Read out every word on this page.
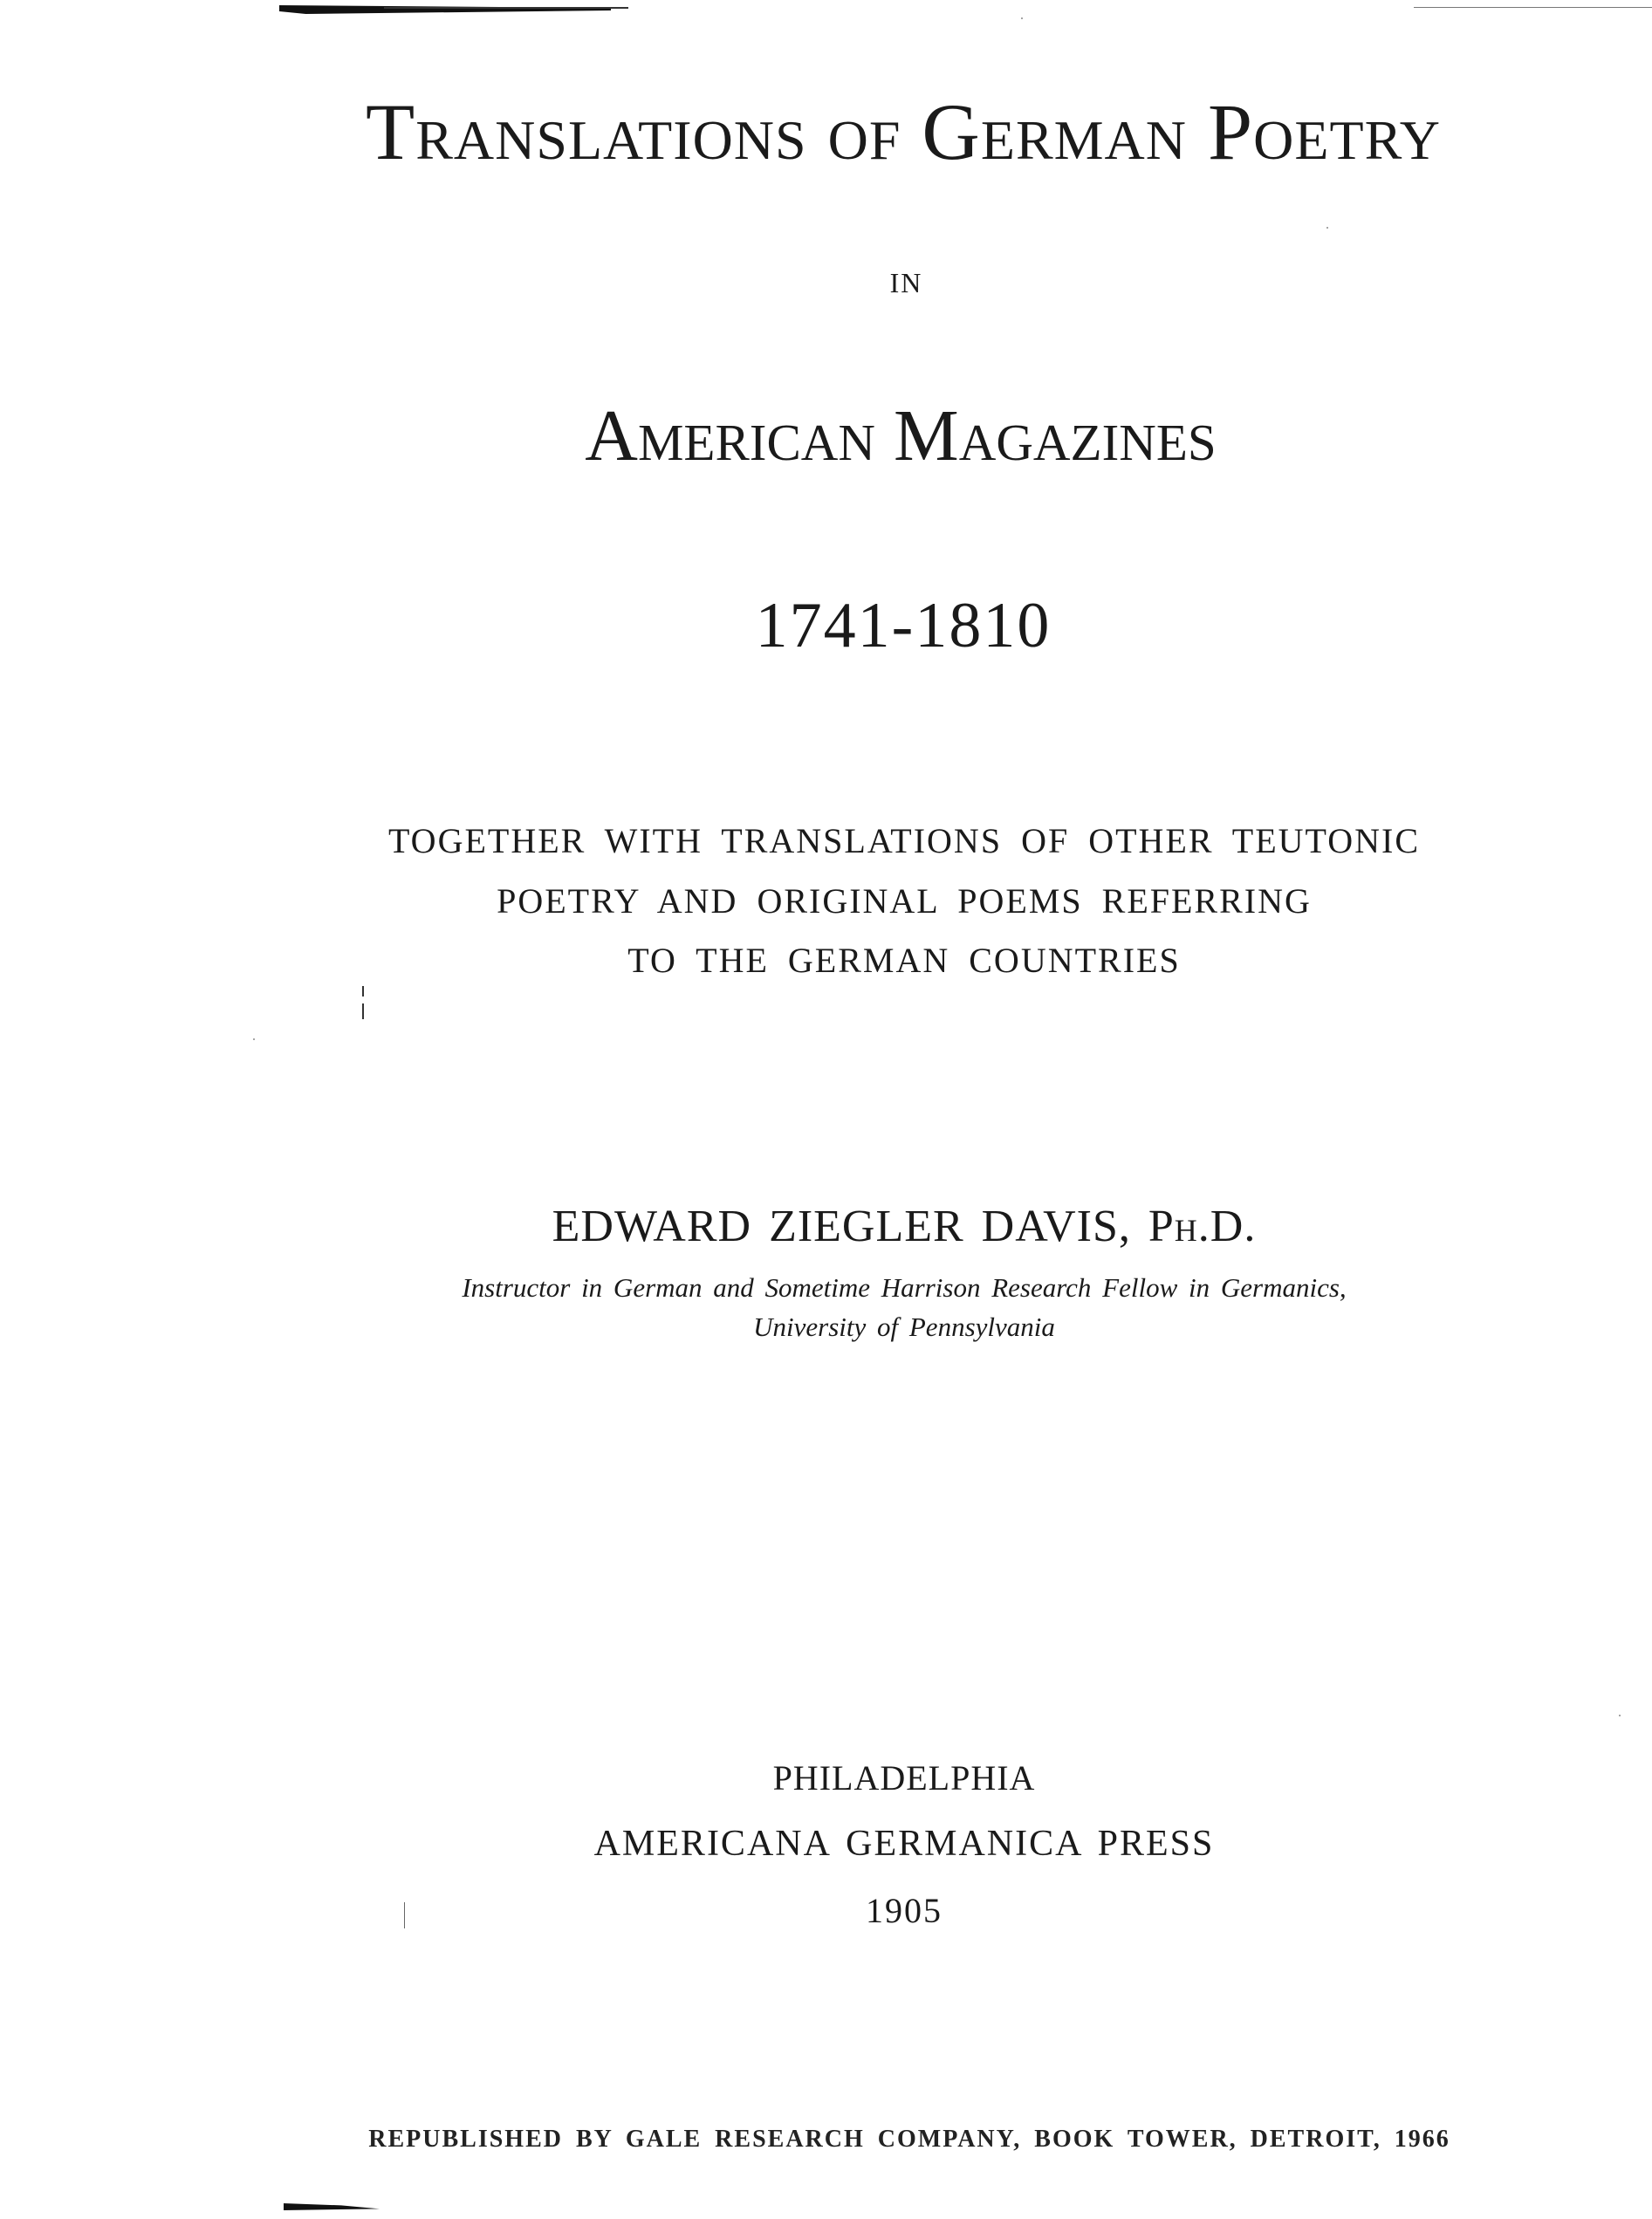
Translations of German Poetry
IN
American Magazines
1741-1810
TOGETHER WITH TRANSLATIONS OF OTHER TEUTONIC
POETRY AND ORIGINAL POEMS REFERRING
TO THE GERMAN COUNTRIES
EDWARD ZIEGLER DAVIS, Ph.D.
Instructor in German and Sometime Harrison Research Fellow in Germanics,
University of Pennsylvania
PHILADELPHIA
AMERICANA GERMANICA PRESS
1905
REPUBLISHED BY GALE RESEARCH COMPANY, BOOK TOWER, DETROIT, 1966
